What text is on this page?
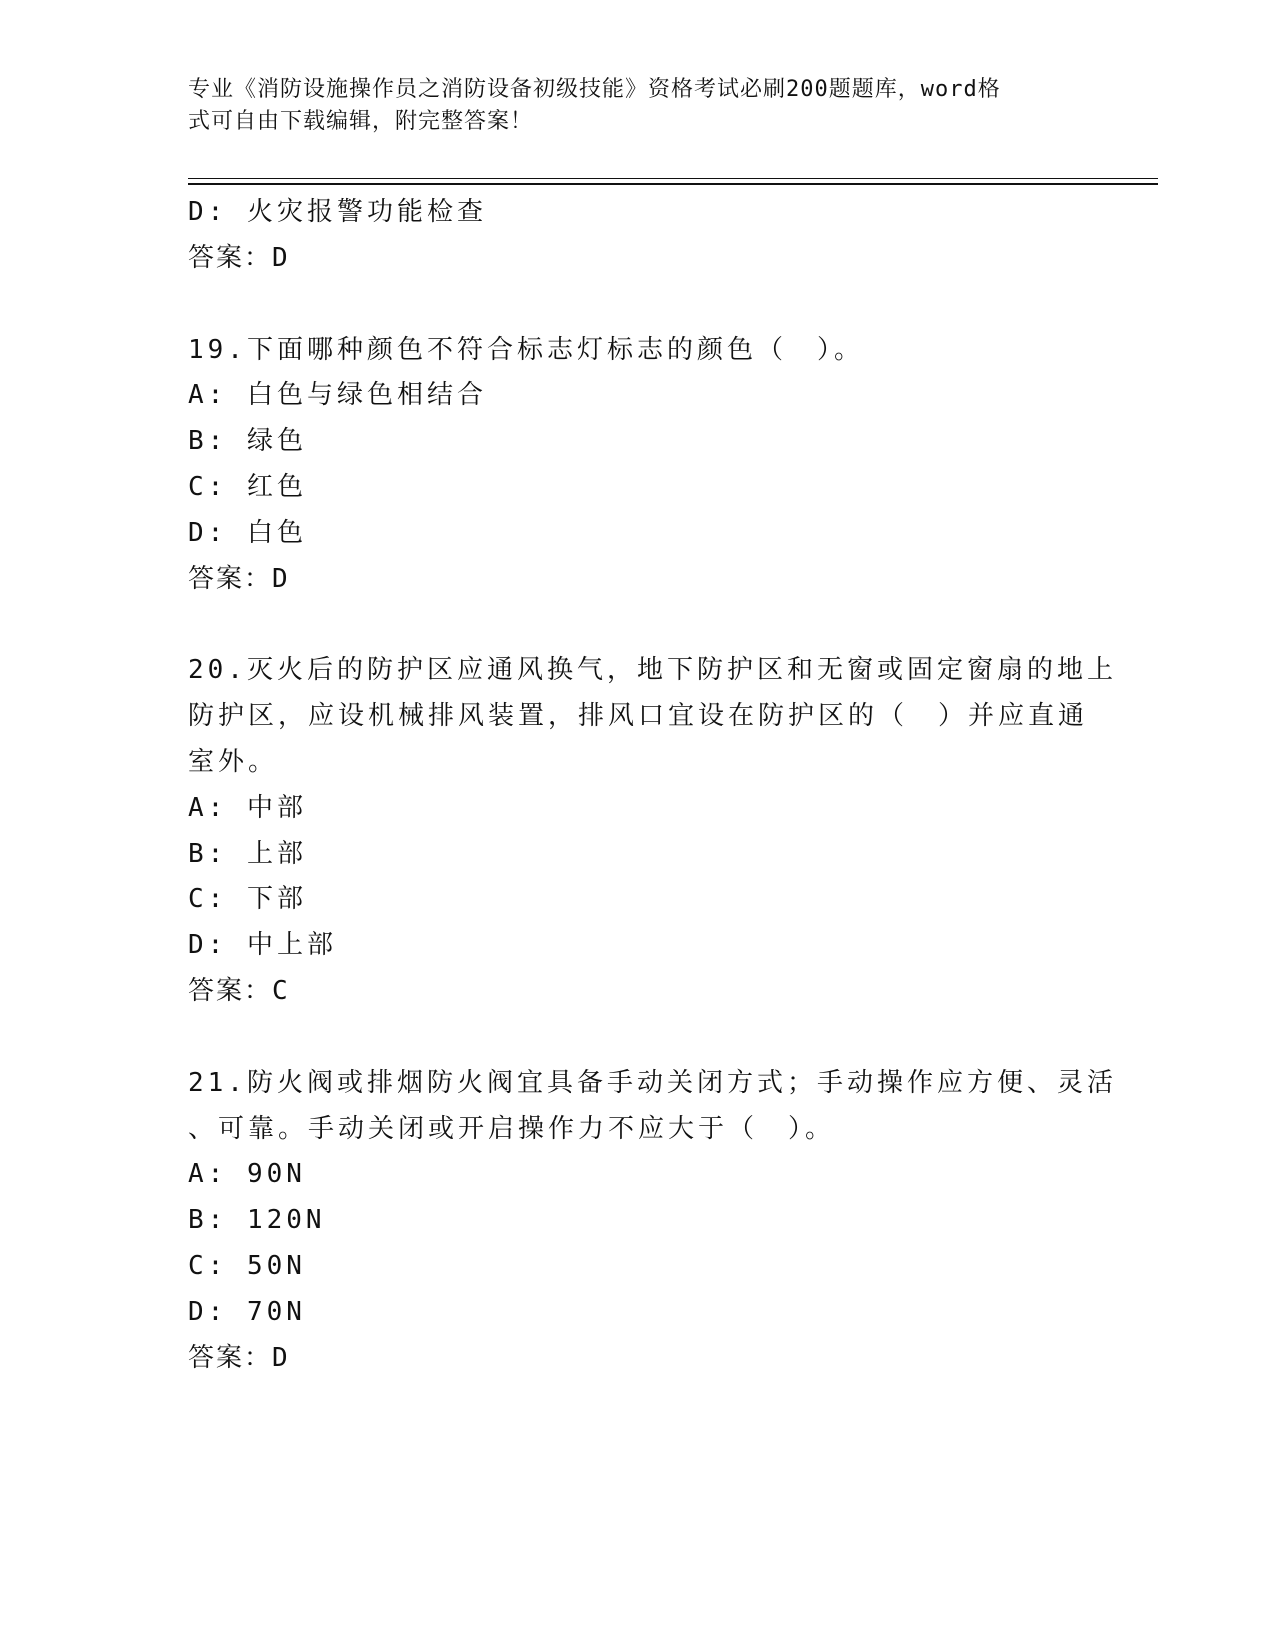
专业《消防设施操作员之消防设备初级技能》资格考试必刷200题题库，word格
式可自由下载编辑，附完整答案！
D: 火灾报警功能检查
答案：D
19.下面哪种颜色不符合标志灯标志的颜色（　）。
A: 白色与绿色相结合
B: 绿色
C: 红色
D: 白色
答案：D
20.灭火后的防护区应通风换气，地下防护区和无窗或固定窗扇的地上
防护区，应设机械排风装置，排风口宜设在防护区的（　）并应直通
室外。
A: 中部
B: 上部
C: 下部
D: 中上部
答案：C
21.防火阀或排烟防火阀宜具备手动关闭方式；手动操作应方便、灵活
、可靠。手动关闭或开启操作力不应大于（　）。
A: 90N
B: 120N
C: 50N
D: 70N
答案：D
